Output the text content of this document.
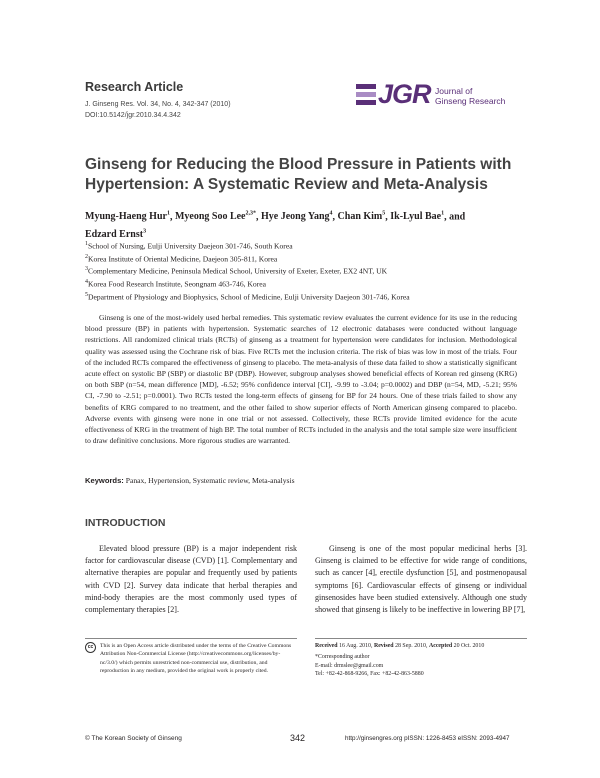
Research Article
J. Ginseng Res. Vol. 34, No. 4, 342-347 (2010)
DOI:10.5142/jgr.2010.34.4.342
JGR Journal of
Ginseng Research
Ginseng for Reducing the Blood Pressure in Patients with Hypertension: A Systematic Review and Meta-Analysis
Myung-Haeng Hur$^1$, Myeong Soo Lee$^{2,3*}$, Hye Jeong Yang$^4$, Chan Kim$^5$, Ik-Lyul Bae$^1$, and
Edzard Ernst$^3$
$^1$School of Nursing, Eulji University Daejeon 301-746, South Korea
$^2$Korea Institute of Oriental Medicine, Daejeon 305-811, Korea
$^3$Complementary Medicine, Peninsula Medical School, University of Exeter, Exeter, EX2 4NT, UK
$^4$Korea Food Research Institute, Seongnam 463-746, Korea
$^5$Department of Physiology and Biophysics, School of Medicine, Eulji University Daejeon 301-746, Korea

Ginseng is one of the most-widely used herbal remedies. This systematic review evaluates the current evidence for its use in the reducing blood pressure (BP) in patients with hypertension. Systematic searches of 12 electronic databases were conducted without language restrictions. All randomized clinical trials (RCTs) of ginseng as a treatment for hypertension were candidates for inclusion. Methodological quality was assessed using the Cochrane risk of bias. Five RCTs met the inclusion criteria. The risk of bias was low in most of the trials. Four of the included RCTs compared the effectiveness of ginseng to placebo. The meta-analysis of these data failed to show a statistically significant acute effect on systolic BP (SBP) or diastolic BP (DBP). However, subgroup analyses showed beneficial effects of Korean red ginseng (KRG) on both SBP (n=54, mean difference [MD], -6.52; 95% confidence interval [CI], -9.99 to -3.04; p=0.0002) and DBP (n=54, MD, -5.21; 95% CI, -7.90 to -2.51; p=0.0001). Two RCTs tested the long-term effects of ginseng for BP for 24 hours. One of these trials failed to show any benefits of KRG compared to no treatment, and the other failed to show superior effects of North American ginseng compared to placebo. Adverse events with ginseng were none in one trial or not assessed. Collectively, these RCTs provide limited evidence for the acute effectiveness of KRG in the treatment of high BP. The total number of RCTs included in the analysis and the total sample size were insufficient to draw definitive conclusions. More rigorous studies are warranted.

Keywords: Panax, Hypertension, Systematic review, Meta-analysis
INTRODUCTION

Elevated blood pressure (BP) is a major independent risk factor for cardiovascular disease (CVD) [1]. Complementary and alternative therapies are popular and frequently used by patients with CVD [2]. Survey data indicate that herbal therapies and mind-body therapies are the most commonly used types of complementary therapies [2].

Ginseng is one of the most popular medicinal herbs [3]. Ginseng is claimed to be effective for wide range of conditions, such as cancer [4], erectile dysfunction [5], and postmenopausal symptoms [6]. Cardiovascular effects of ginseng or individual ginsenosides have been studied extensively. Although one study showed that ginseng is likely to be ineffective in lowering BP [7],

cc	This is an Open Access article distributed under the terms of the Creative Commons Attribution Non-Commercial License (http://creativecommons.org/licenses/by-nc/3.0/) which permits unrestricted non-commercial use, distribution, and reproduction in any medium, provided the original work is properly cited.
Received 16 Aug. 2010, Revised 28 Sep. 2010, Accepted 20 Oct. 2010
*Corresponding author
E-mail: drmslee@gmail.com
Tel: +82-42-868-9266, Fax: +82-42-863-5880
© The Korean Society of Ginseng	342	http://ginsengres.org pISSN: 1226-8453 eISSN: 2093-4947
